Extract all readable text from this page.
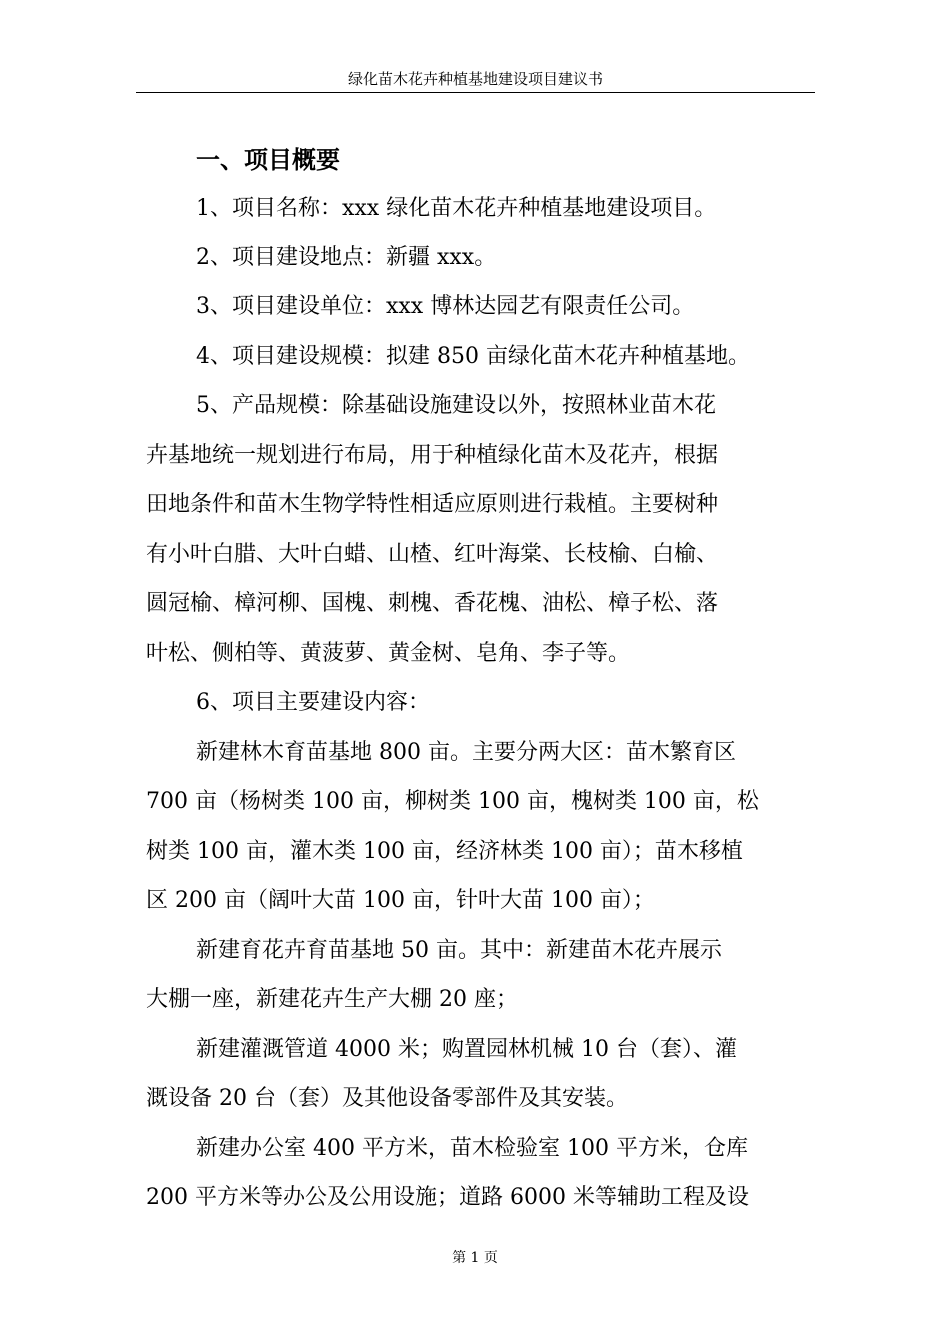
绿化苗木花卉种植基地建设项目建议书
一、项目概要
1、项目名称：xxx 绿化苗木花卉种植基地建设项目。
2、项目建设地点：新疆 xxx。
3、项目建设单位：xxx 博林达园艺有限责任公司。
4、项目建设规模：拟建 850 亩绿化苗木花卉种植基地。
5、产品规模：除基础设施建设以外，按照林业苗木花
卉基地统一规划进行布局，用于种植绿化苗木及花卉，根据
田地条件和苗木生物学特性相适应原则进行栽植。主要树种
有小叶白腊、大叶白蜡、山楂、红叶海棠、长枝榆、白榆、
圆冠榆、樟河柳、国槐、刺槐、香花槐、油松、樟子松、落
叶松、侧柏等、黄菠萝、黄金树、皂角、李子等。
6、项目主要建设内容：
新建林木育苗基地 800 亩。主要分两大区：苗木繁育区
700 亩（杨树类 100 亩，柳树类 100 亩，槐树类 100 亩，松
树类 100 亩，灌木类 100 亩，经济林类 100 亩）；苗木移植
区 200 亩（阔叶大苗 100 亩，针叶大苗 100 亩）；
新建育花卉育苗基地 50 亩。其中：新建苗木花卉展示
大棚一座，新建花卉生产大棚 20 座；
新建灌溉管道 4000 米；购置园林机械 10 台（套）、灌
溉设备 20 台（套）及其他设备零部件及其安装。
新建办公室 400 平方米，苗木检验室 100 平方米，仓库
200 平方米等办公及公用设施；道路 6000 米等辅助工程及设
第 1 页
